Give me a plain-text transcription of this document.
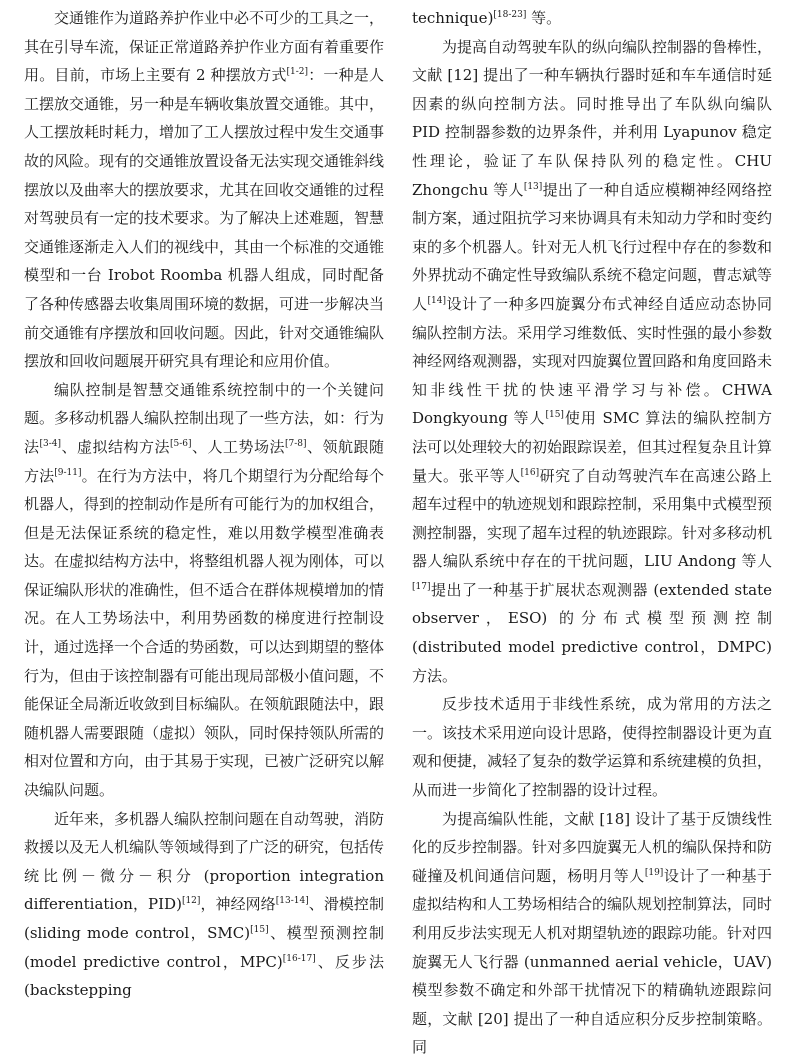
交通锥作为道路养护作业中必不可少的工具之一，其在引导车流，保证正常道路养护作业方面有着重要作用。目前，市场上主要有 2 种摆放方式[1-2]：一种是人工摆放交通锥，另一种是车辆收集放置交通锥。其中，人工摆放耗时耗力，增加了工人摆放过程中发生交通事故的风险。现有的交通锥放置设备无法实现交通锥斜线摆放以及曲率大的摆放要求，尤其在回收交通锥的过程对驾驶员有一定的技术要求。为了解决上述难题，智慧交通锥逐渐走入人们的视线中，其由一个标准的交通锥模型和一台 Irobot Roomba 机器人组成，同时配备了各种传感器去收集周围环境的数据，可进一步解决当前交通锥有序摆放和回收问题。因此，针对交通锥编队摆放和回收问题展开研究具有理论和应用价值。

编队控制是智慧交通锥系统控制中的一个关键问题。多移动机器人编队控制出现了一些方法，如：行为法[3-4]、虚拟结构方法[5-6]、人工势场法[7-8]、领航跟随方法[9-11]。在行为方法中，将几个期望行为分配给每个机器人，得到的控制动作是所有可能行为的加权组合，但是无法保证系统的稳定性，难以用数学模型准确表达。在虚拟结构方法中，将整组机器人视为刚体，可以保证编队形状的准确性，但不适合在群体规模增加的情况。在人工势场法中，利用势函数的梯度进行控制设计，通过选择一个合适的势函数，可以达到期望的整体行为，但由于该控制器有可能出现局部极小值问题，不能保证全局渐近收敛到目标编队。在领航跟随法中，跟随机器人需要跟随（虚拟）领队，同时保持领队所需的相对位置和方向，由于其易于实现，已被广泛研究以解决编队问题。

近年来，多机器人编队控制问题在自动驾驶，消防救援以及无人机编队等领域得到了广泛的研究，包括传统比例－微分－积分 (proportion integration differentiation，PID)[12]，神经网络[13-14]、滑模控制 (sliding mode control，SMC)[15]、模型预测控制 (model predictive control，MPC)[16-17]、反步法 (backstepping

technique)[18-23] 等。

为提高自动驾驶车队的纵向编队控制器的鲁棒性，文献 [12] 提出了一种车辆执行器时延和车车通信时延因素的纵向控制方法。同时推导出了车队纵向编队 PID 控制器参数的边界条件，并利用 Lyapunov 稳定性理论，验证了车队保持队列的稳定性。CHU Zhongchu 等人[13]提出了一种自适应模糊神经网络控制方案，通过阻抗学习来协调具有未知动力学和时变约束的多个机器人。针对无人机飞行过程中存在的参数和外界扰动不确定性导致编队系统不稳定问题，曹志斌等人[14]设计了一种多四旋翼分布式神经自适应动态协同编队控制方法。采用学习维数低、实时性强的最小参数神经网络观测器，实现对四旋翼位置回路和角度回路未知非线性干扰的快速平滑学习与补偿。CHWA Dongkyoung 等人[15]使用 SMC 算法的编队控制方法可以处理较大的初始跟踪误差，但其过程复杂且计算量大。张平等人[16]研究了自动驾驶汽车在高速公路上超车过程中的轨迹规划和跟踪控制，采用集中式模型预测控制器，实现了超车过程的轨迹跟踪。针对多移动机器人编队系统中存在的干扰问题，LIU Andong 等人[17]提出了一种基于扩展状态观测器 (extended state observer，ESO) 的分布式模型预测控制 (distributed model predictive control，DMPC) 方法。

反步技术适用于非线性系统，成为常用的方法之一。该技术采用逆向设计思路，使得控制器设计更为直观和便捷，减轻了复杂的数学运算和系统建模的负担，从而进一步简化了控制器的设计过程。

为提高编队性能，文献 [18] 设计了基于反馈线性化的反步控制器。针对多四旋翼无人机的编队保持和防碰撞及机间通信问题，杨明月等人[19]设计了一种基于虚拟结构和人工势场相结合的编队规划控制算法，同时利用反步法实现无人机对期望轨迹的跟踪功能。针对四旋翼无人飞行器 (unmanned aerial vehicle，UAV) 模型参数不确定和外部干扰情况下的精确轨迹跟踪问题，文献 [20] 提出了一种自适应积分反步控制策略。同
